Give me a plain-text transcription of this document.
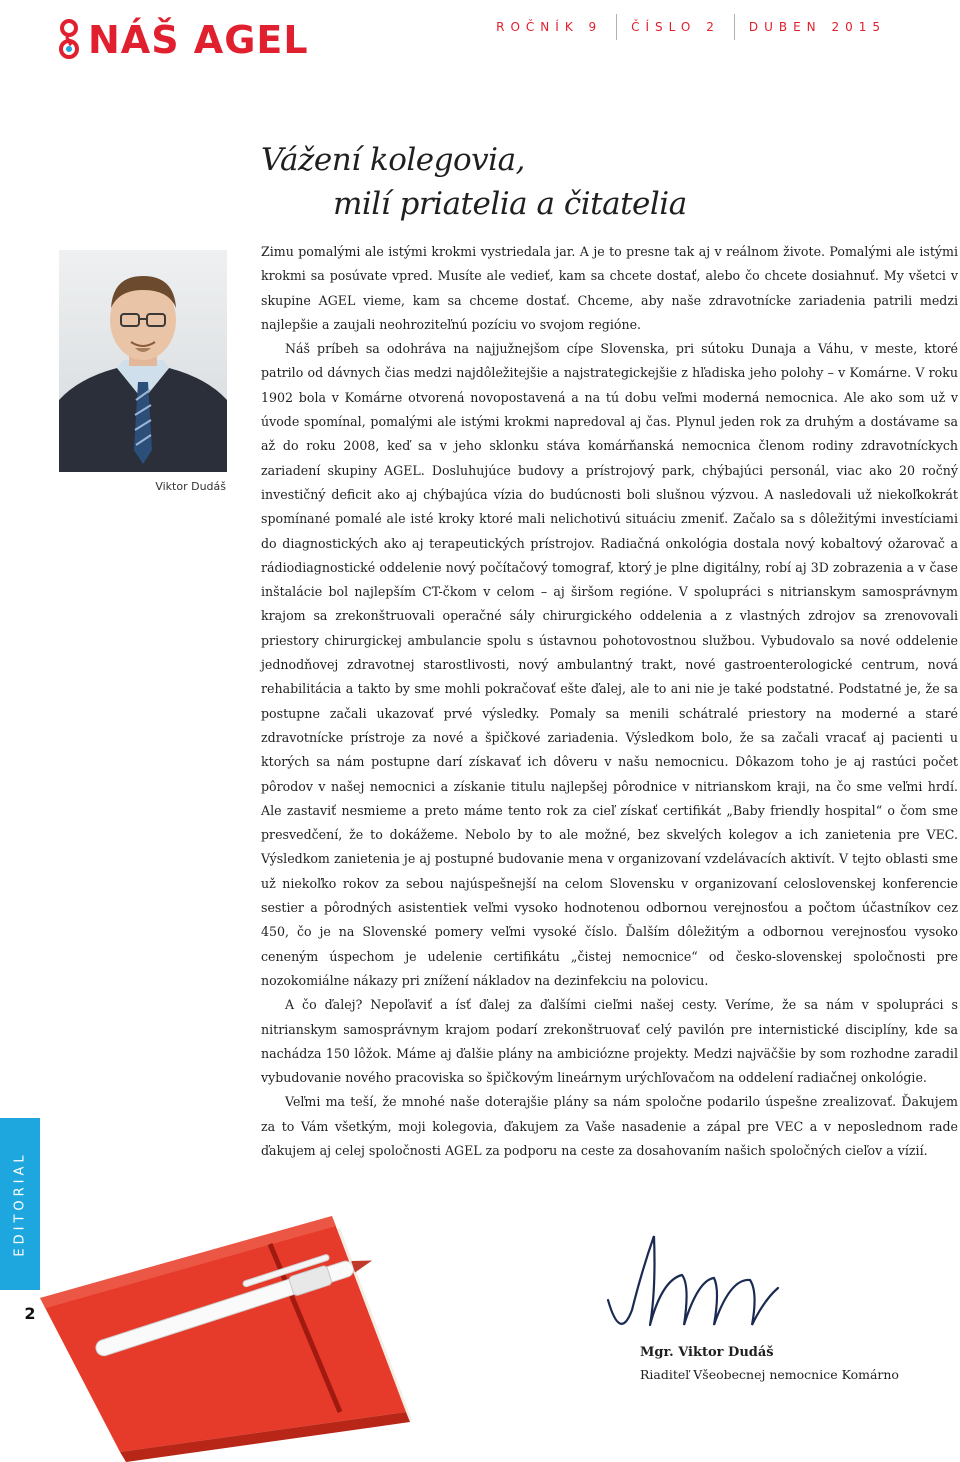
NÁŠ AGEL	ROČNÍK 9	ČÍSLO 2	DUBEN 2015
Vážení kolegovia,
milí priatelia a čitatelia
Viktor Dudáš

Zimu pomalými ale istými krokmi vystriedala jar. A je to presne tak aj v reálnom živote. Pomalými ale istými krokmi sa posúvate vpred. Musíte ale vedieť, kam sa chcete dostať, alebo čo chcete dosiahnuť. My všetci v skupine AGEL vieme, kam sa chceme dostať. Chceme, aby naše zdravotnícke zariadenia patrili medzi najlepšie a zaujali neohroziteľnú pozíciu vo svojom regióne.

Náš príbeh sa odohráva na najjužnejšom cípe Slovenska, pri sútoku Dunaja a Váhu, v meste, ktoré patrilo od dávnych čias medzi najdôležitejšie a najstrategickejšie z hľadiska jeho polohy – v Komárne. V roku 1902 bola v Komárne otvorená novopostavená a na tú dobu veľmi moderná nemocnica. Ale ako som už v úvode spomínal, pomalými ale istými krokmi napredoval aj čas. Plynul jeden rok za druhým a dostávame sa až do roku 2008, keď sa v jeho sklonku stáva komárňanská nemocnica členom rodiny zdravotníckych zariadení skupiny AGEL. Dosluhujúce budovy a prístrojový park, chýbajúci personál, viac ako 20 ročný investičný deficit ako aj chýbajúca vízia do budúcnosti boli slušnou výzvou. A nasledovali už niekoľkokrát spomínané pomalé ale isté kroky ktoré mali nelichotivú situáciu zmeniť. Začalo sa s dôležitými investíciami do diagnostických ako aj terapeutických prístrojov. Radiačná onkológia dostala nový kobaltový ožarovač a rádiodiagnostické oddelenie nový počítačový tomograf, ktorý je plne digitálny, robí aj 3D zobrazenia a v čase inštalácie bol najlepším CT-čkom v celom – aj širšom regióne. V spolupráci s nitrianskym samosprávnym krajom sa zrekonštruovali operačné sály chirurgického oddelenia a z vlastných zdrojov sa zrenovovali priestory chirurgickej ambulancie spolu s ústavnou pohotovostnou službou. Vybudovalo sa nové oddelenie jednodňovej zdravotnej starostlivosti, nový ambulantný trakt, nové gastroenterologické centrum, nová rehabilitácia a takto by sme mohli pokračovať ešte ďalej, ale to ani nie je také podstatné. Podstatné je, že sa postupne začali ukazovať prvé výsledky. Pomaly sa menili schátralé priestory na moderné a staré zdravotnícke prístroje za nové a špičkové zariadenia. Výsledkom bolo, že sa začali vracať aj pacienti u ktorých sa nám postupne darí získavať ich dôveru v našu nemocnicu. Dôkazom toho je aj rastúci počet pôrodov v našej nemocnici a získanie titulu najlepšej pôrodnice v nitrianskom kraji, na čo sme veľmi hrdí. Ale zastaviť nesmieme a preto máme tento rok za cieľ získať certifikát „Baby friendly hospital“ o čom sme presvedčení, že to dokážeme. Nebolo by to ale možné, bez skvelých kolegov a ich zanietenia pre VEC. Výsledkom zanietenia je aj postupné budovanie mena v organizovaní vzdelávacích aktivít. V tejto oblasti sme už niekoľko rokov za sebou najúspešnejší na celom Slovensku v organizovaní celoslovenskej konferencie sestier a pôrodných asistentiek veľmi vysoko hodnotenou odbornou verejnosťou a počtom účastníkov cez 450, čo je na Slovenské pomery veľmi vysoké číslo. Ďalším dôležitým a odbornou verejnosťou vysoko ceneným úspechom je udelenie certifikátu „čistej nemocnice“ od česko-slovenskej spoločnosti pre nozokomiálne nákazy pri znížení nákladov na dezinfekciu na polovicu.

A čo ďalej? Nepoľaviť a ísť ďalej za ďalšími cieľmi našej cesty. Veríme, že sa nám v spolupráci s nitrianskym samosprávnym krajom podarí zrekonštruovať celý pavilón pre internistické disciplíny, kde sa nachádza 150 lôžok. Máme aj ďalšie plány na ambiciózne projekty. Medzi najväčšie by som rozhodne zaradil vybudovanie nového pracoviska so špičkovým lineárnym urýchľovačom na oddelení radiačnej onkológie.

Veľmi ma teší, že mnohé naše doterajšie plány sa nám spoločne podarilo úspešne zrealizovať. Ďakujem za to Vám všetkým, moji kolegovia, ďakujem za Vaše nasadenie a zápal pre VEC a v neposlednom rade ďakujem aj celej spoločnosti AGEL za podporu na ceste za dosahovaním našich spoločných cieľov a vízií.

EDITORIAL
2
Mgr. Viktor Dudáš
Riaditeľ Všeobecnej nemocnice Komárno
